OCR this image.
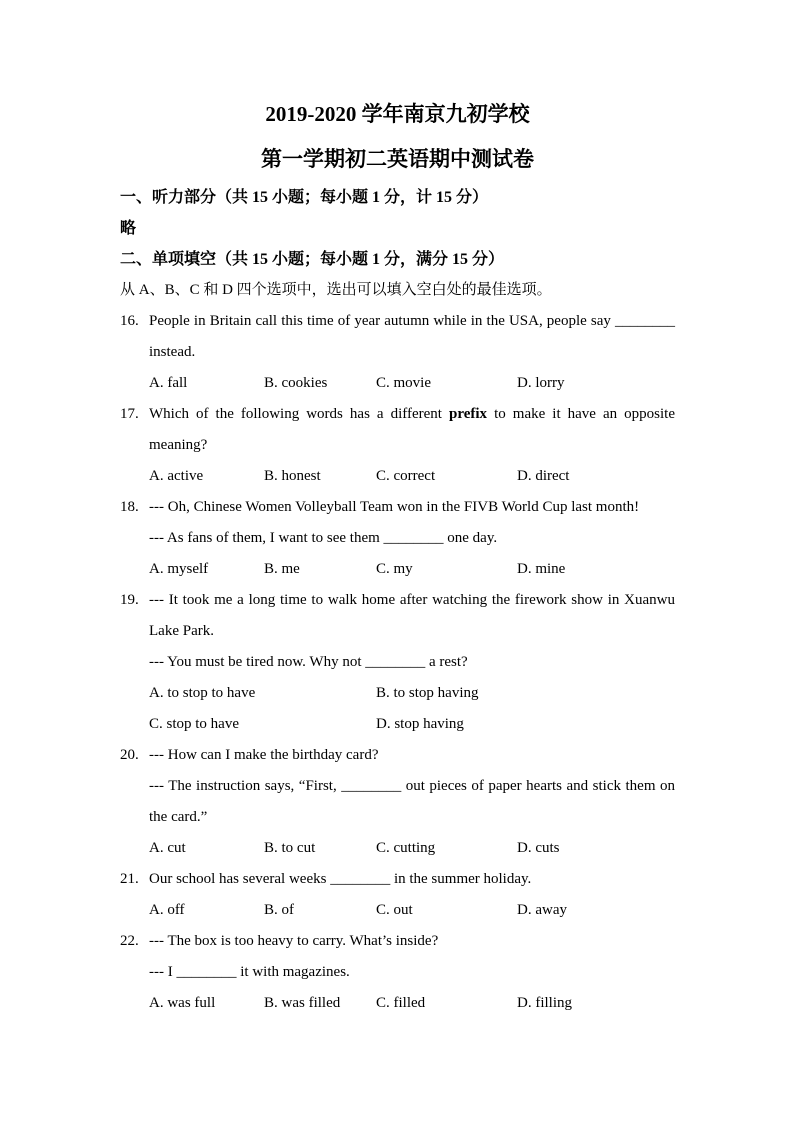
2019-2020 学年南京九初学校
第一学期初二英语期中测试卷
一、听力部分（共 15 小题；每小题 1 分，计 15 分）
略
二、单项填空（共 15 小题；每小题 1 分，满分 15 分）
从 A、B、C 和 D 四个选项中，选出可以填入空白处的最佳选项。
16. People in Britain call this time of year autumn while in the USA, people say ________ instead.

A. fall	B. cookies	C. movie	D. lorry
17. Which of the following words has a different prefix to make it have an opposite meaning?

A. active	B. honest	C. correct	D. direct
18. --- Oh, Chinese Women Volleyball Team won in the FIVB World Cup last month!

--- As fans of them, I want to see them ________ one day.

A. myself	B. me	C. my	D. mine
19. --- It took me a long time to walk home after watching the firework show in Xuanwu Lake Park.

--- You must be tired now. Why not ________ a rest?

A. to stop to have	B. to stop having
C. stop to have	D. stop having
20. --- How can I make the birthday card?

--- The instruction says, “First, ________ out pieces of paper hearts and stick them on the card.”

A. cut	B. to cut	C. cutting	D. cuts
21. Our school has several weeks ________ in the summer holiday.

A. off	B. of	C. out	D. away
22. --- The box is too heavy to carry. What’s inside?

--- I ________ it with magazines.

A. was full	B. was filled C. filled	D. filling
